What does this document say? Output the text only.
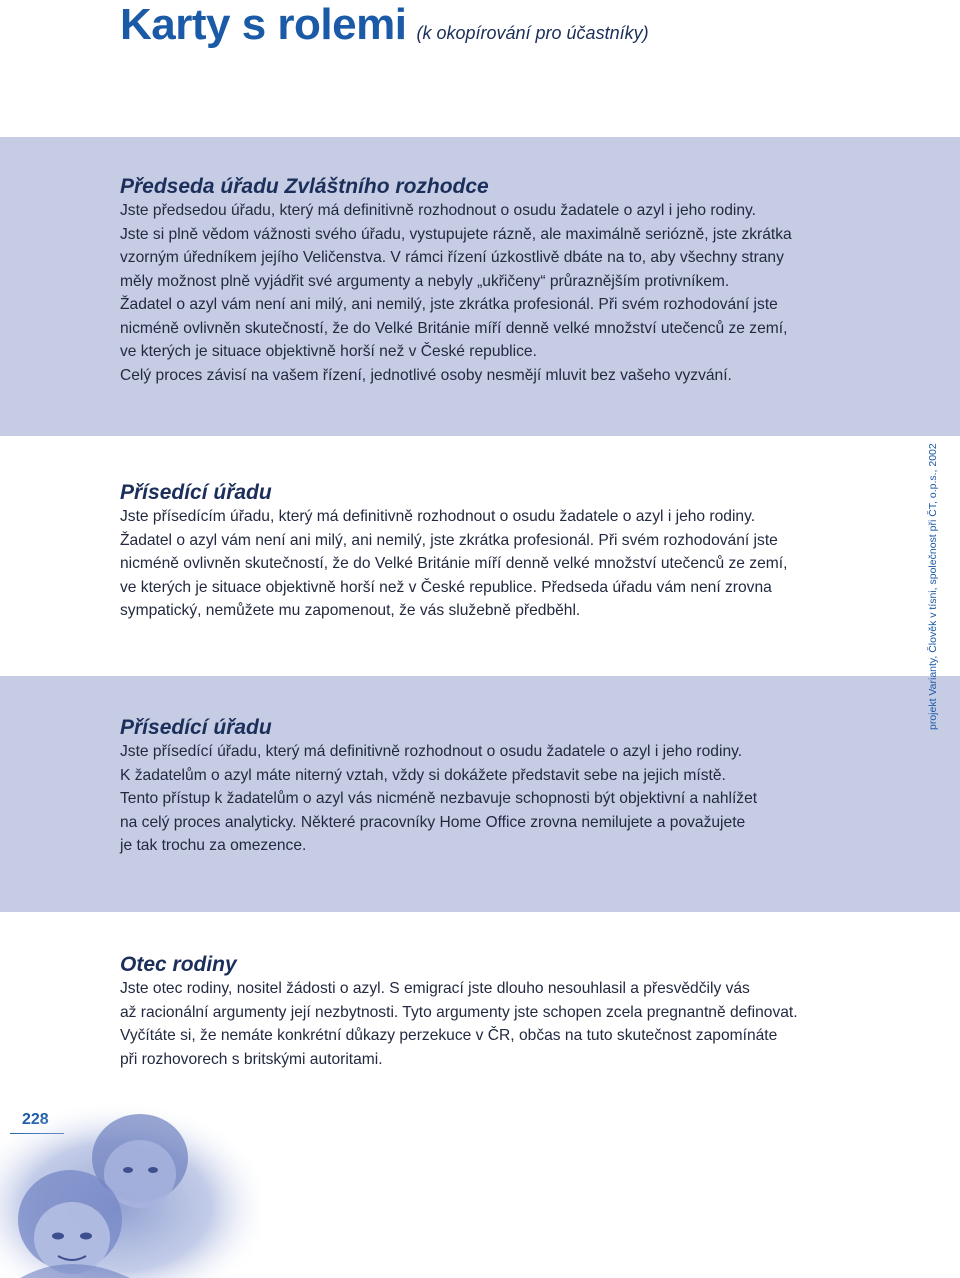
Karty s rolemi (k okopírování pro účastníky)
Předseda úřadu Zvláštního rozhodce

Jste předsedou úřadu, který má definitivně rozhodnout o osudu žadatele o azyl i jeho rodiny.
Jste si plně vědom vážnosti svého úřadu, vystupujete rázně, ale maximálně seriózně, jste zkrátka
vzorným úředníkem jejího Veličenstva. V rámci řízení úzkostlivě dbáte na to, aby všechny strany
měly možnost plně vyjádřit své argumenty a nebyly „ukřičeny“ průraznějším protivníkem.
Žadatel o azyl vám není ani milý, ani nemilý, jste zkrátka profesionál. Při svém rozhodování jste
nicméně ovlivněn skutečností, že do Velké Británie míří denně velké množství utečenců ze zemí,
ve kterých je situace objektivně horší než v České republice.
Celý proces závisí na vašem řízení, jednotlivé osoby nesmějí mluvit bez vašeho vyzvání.

Přísedící úřadu

Jste přísedícím úřadu, který má definitivně rozhodnout o osudu žadatele o azyl i jeho rodiny.
Žadatel o azyl vám není ani milý, ani nemilý, jste zkrátka profesionál. Při svém rozhodování jste
nicméně ovlivněn skutečností, že do Velké Británie míří denně velké množství utečenců ze zemí,
ve kterých je situace objektivně horší než v České republice. Předseda úřadu vám není zrovna
sympatický, nemůžete mu zapomenout, že vás služebně předběhl.

Přísedící úřadu

Jste přísedící úřadu, který má definitivně rozhodnout o osudu žadatele o azyl i jeho rodiny.
K žadatelům o azyl máte niterný vztah, vždy si dokážete představit sebe na jejich místě.
Tento přístup k žadatelům o azyl vás nicméně nezbavuje schopnosti být objektivní a nahlížet
na celý proces analyticky. Některé pracovníky Home Office zrovna nemilujete a považujete
je tak trochu za omezence.

Otec rodiny

Jste otec rodiny, nositel žádosti o azyl. S emigrací jste dlouho nesouhlasil a přesvědčily vás
až racionální argumenty její nezbytnosti. Tyto argumenty jste schopen zcela pregnantně definovat.
Vyčítáte si, že nemáte konkrétní důkazy perzekuce v ČR, občas na tuto skutečnost zapomínáte
při rozhovorech s britskými autoritami.

projekt Varianty, Člověk v tísni, společnost při ČT, o.p.s., 2002
